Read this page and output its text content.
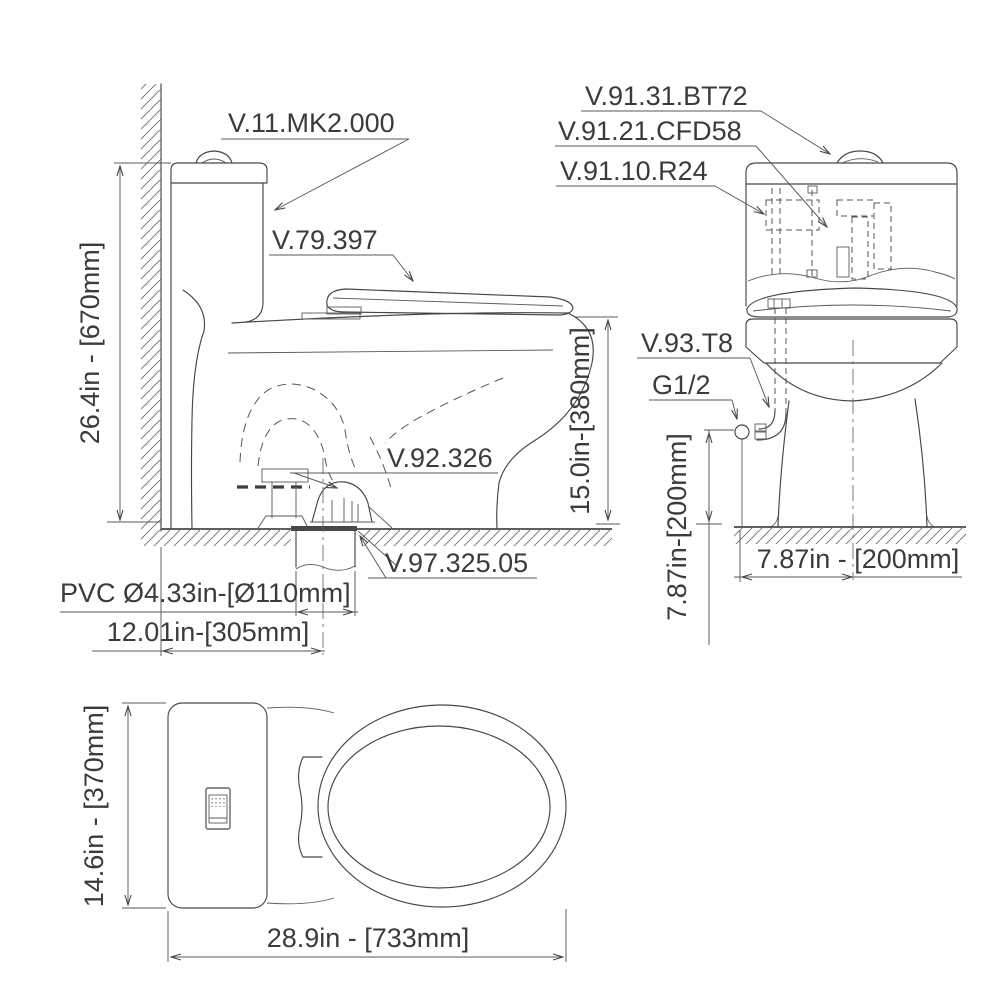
V.11.MK2.000
V.79.397
V.92.326
V.97.325.05
26.4in - [670mm]	15.0in-[380mm]
PVC Ø4.33in-[Ø110mm]
12.01in-[305mm]
V.91.31.BT72
V.91.21.CFD58
V.91.10.R24
V.93.T8
G1/2
7.87in-[200mm] 7.87in - [200mm]
14.6in - [370mm]
28.9in - [733mm]
